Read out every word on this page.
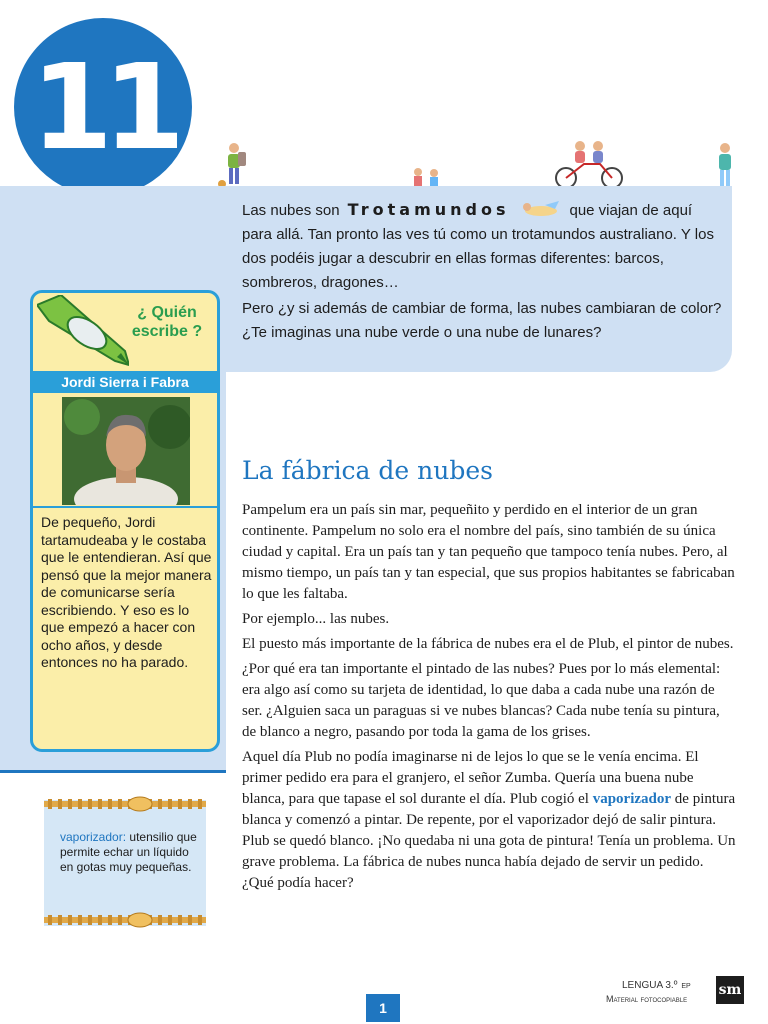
11

Las nubes son Trotamundos	que viajan de aquí para allá. Tan pronto las ves tú como un trotamundos australiano. Y los dos podéis jugar a descubrir en ellas formas diferentes: barcos, sombreros, dragones…

Pero ¿y si además de cambiar de forma, las nubes cambiaran de color? ¿Te imaginas una nube verde o una nube de lunares?

¿ Quién
escribe ?
Jordi Sierra i Fabra
De pequeño, Jordi tartamudeaba y le costaba que le entendieran. Así que pensó que la mejor manera de comunicarse sería escribiendo. Y eso es lo que empezó a hacer con ocho años, y desde entonces no ha parado.
vaporizador: utensilio que permite echar un líquido en gotas muy pequeñas.
La fábrica de nubes

Pampelum era un país sin mar, pequeñito y perdido en el interior de un gran continente. Pampelum no solo era el nombre del país, sino también de su única ciudad y capital. Era un país tan y tan pequeño que tampoco tenía nubes. Pero, al mismo tiempo, un país tan y tan especial, que sus propios habitantes se fabricaban lo que les faltaba.

Por ejemplo... las nubes.

El puesto más importante de la fábrica de nubes era el de Plub, el pintor de nubes.

¿Por qué era tan importante el pintado de las nubes? Pues por lo más elemental: era algo así como su tarjeta de identidad, lo que daba a cada nube una razón de ser. ¿Alguien saca un paraguas si ve nubes blancas? Cada nube tenía su pintura, de blanco a negro, pasando por toda la gama de los grises.

Aquel día Plub no podía imaginarse ni de lejos lo que se le venía encima. El primer pedido era para el granjero, el señor Zumba. Quería una buena nube blanca, para que tapase el sol durante el día. Plub cogió el vaporizador de pintura blanca y comenzó a pintar. De repente, por el vaporizador dejó de salir pintura. Plub se quedó blanco. ¡No quedaba ni una gota de pintura! Tenía un problema. Un grave problema. La fábrica de nubes nunca había dejado de servir un pedido. ¿Qué podía hacer?

1
LENGUA 3.º EP
Material fotocopiable
sm
